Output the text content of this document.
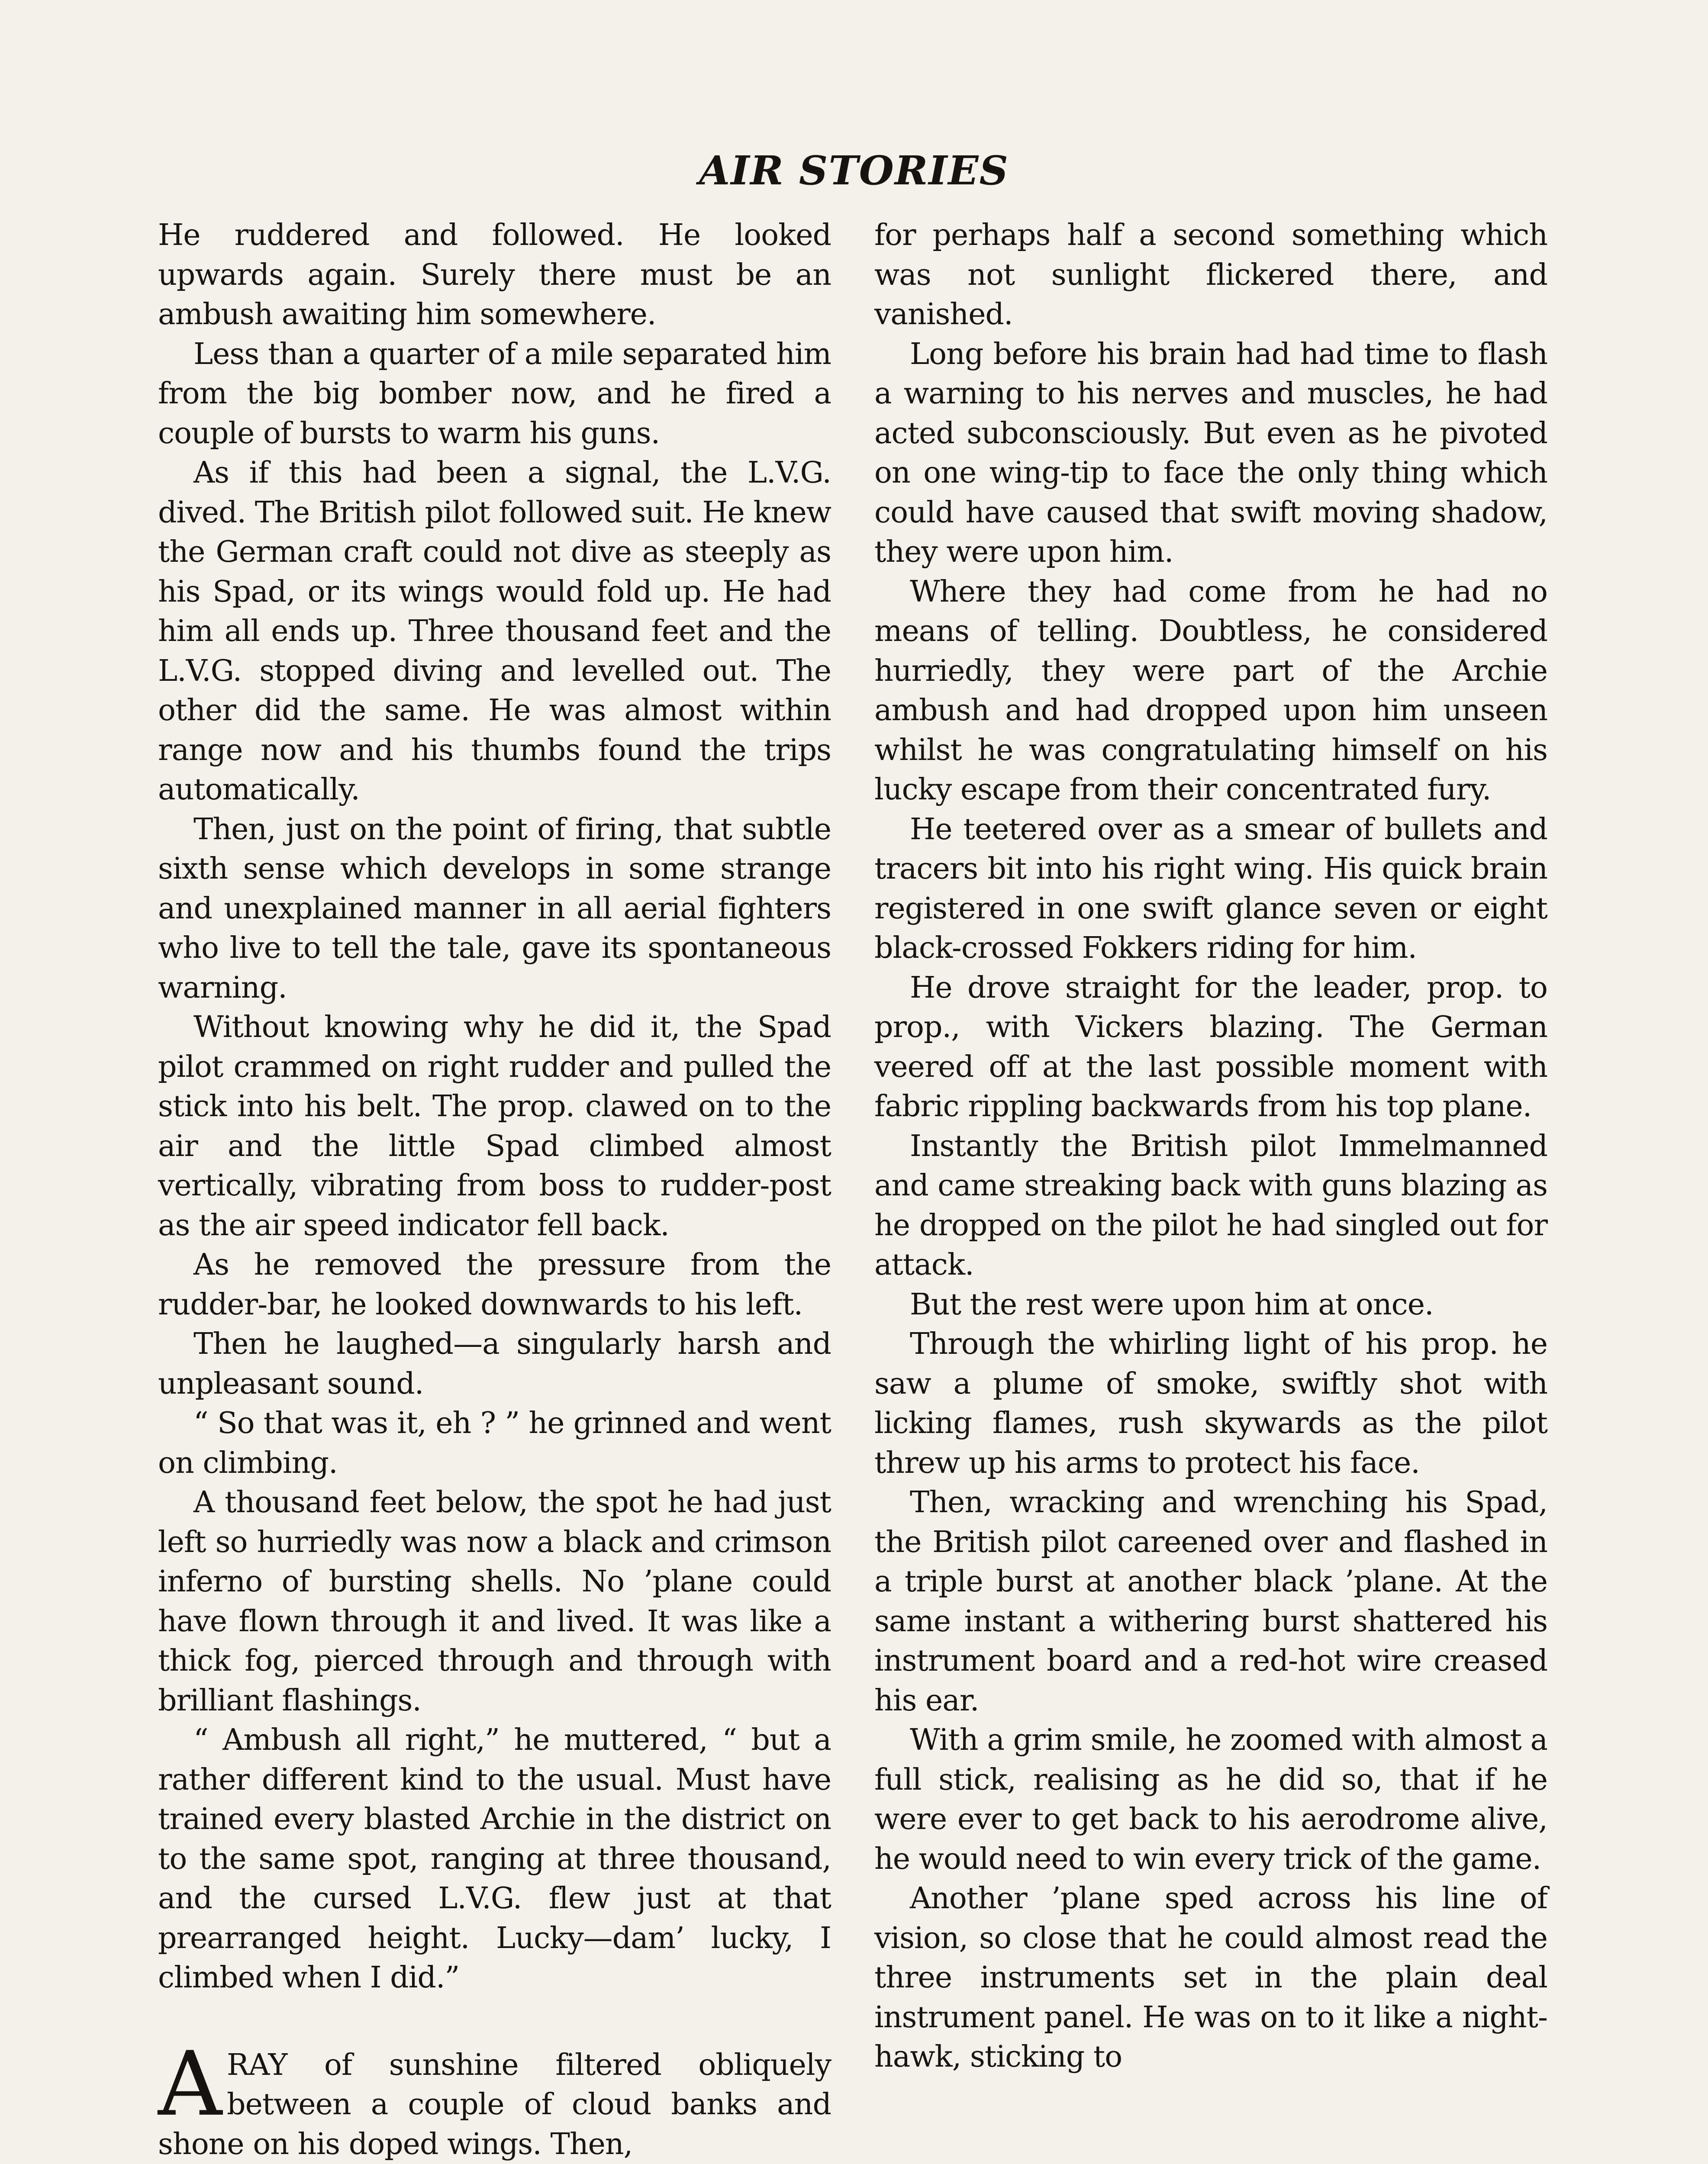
AIR STORIES

He ruddered and followed. He looked upwards again. Surely there must be an ambush awaiting him somewhere.

Less than a quarter of a mile separated him from the big bomber now, and he fired a couple of bursts to warm his guns.

As if this had been a signal, the L.V.G. dived. The British pilot followed suit. He knew the German craft could not dive as steeply as his Spad, or its wings would fold up. He had him all ends up. Three thousand feet and the L.V.G. stopped diving and levelled out. The other did the same. He was almost within range now and his thumbs found the trips automatically.

Then, just on the point of firing, that subtle sixth sense which develops in some strange and unexplained manner in all aerial fighters who live to tell the tale, gave its spontaneous warning.

Without knowing why he did it, the Spad pilot crammed on right rudder and pulled the stick into his belt. The prop. clawed on to the air and the little Spad climbed almost vertically, vibrating from boss to rudder-post as the air speed indicator fell back.

As he removed the pressure from the rudder-bar, he looked downwards to his left.

Then he laughed—a singularly harsh and unpleasant sound.

“ So that was it, eh ? ” he grinned and went on climbing.

A thousand feet below, the spot he had just left so hurriedly was now a black and crimson inferno of bursting shells. No ’plane could have flown through it and lived. It was like a thick fog, pierced through and through with brilliant flashings.

“ Ambush all right,” he muttered, “ but a rather different kind to the usual. Must have trained every blasted Archie in the district on to the same spot, ranging at three thousand, and the cursed L.V.G. flew just at that prearranged height. Lucky—dam’ lucky, I climbed when I did.”

ARAY of sunshine filtered obliquely between a couple of cloud banks and shone on his doped wings. Then,

for perhaps half a second something which was not sunlight flickered there, and vanished.

Long before his brain had had time to flash a warning to his nerves and muscles, he had acted subconsciously. But even as he pivoted on one wing-tip to face the only thing which could have caused that swift moving shadow, they were upon him.

Where they had come from he had no means of telling. Doubtless, he considered hurriedly, they were part of the Archie ambush and had dropped upon him unseen whilst he was congratulating himself on his lucky escape from their concentrated fury.

He teetered over as a smear of bullets and tracers bit into his right wing. His quick brain registered in one swift glance seven or eight black-crossed Fokkers riding for him.

He drove straight for the leader, prop. to prop., with Vickers blazing. The German veered off at the last possible moment with fabric rippling backwards from his top plane.

Instantly the British pilot Immelmanned and came streaking back with guns blazing as he dropped on the pilot he had singled out for attack.

But the rest were upon him at once.

Through the whirling light of his prop. he saw a plume of smoke, swiftly shot with licking flames, rush skywards as the pilot threw up his arms to protect his face.

Then, wracking and wrenching his Spad, the British pilot careened over and flashed in a triple burst at another black ’plane. At the same instant a withering burst shattered his instrument board and a red-hot wire creased his ear.

With a grim smile, he zoomed with almost a full stick, realising as he did so, that if he were ever to get back to his aerodrome alive, he would need to win every trick of the game.

Another ’plane sped across his line of vision, so close that he could almost read the three instruments set in the plain deal instrument panel. He was on to it like a night-hawk, sticking to
